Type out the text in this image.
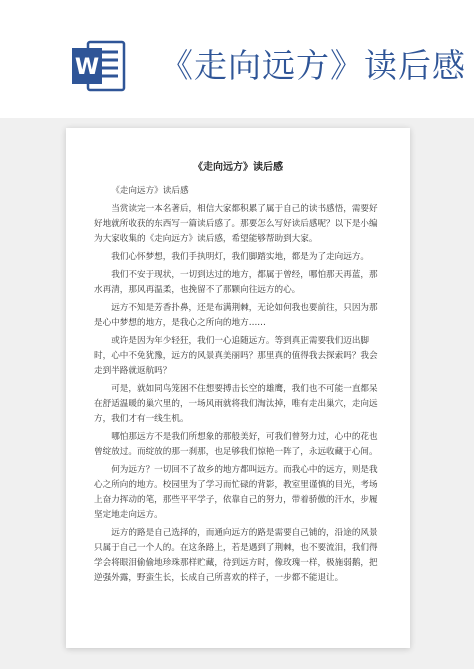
W 《走向远方》读后感
《走向远方》读后感

《走向远方》读后感

当赏读完一本名著后，相信大家都积累了属于自己的读书感悟，需要好好地就所收获的东西写一篇读后感了。那要怎么写好读后感呢？以下是小编为大家收集的《走向远方》读后感，希望能够帮助到大家。

我们心怀梦想，我们手执明灯，我们脚踏实地，都是为了走向远方。

我们不安于现状，一切到达过的地方，都属于曾经，哪怕那天再蓝，那水再清，那风再温柔，也挽留不了那颗向往远方的心。

远方不知是芳香扑鼻，还是布满荆棘，无论如何我也要前往，只因为那是心中梦想的地方，是我心之所向的地方……

或许是因为年少轻狂，我们一心追随远方。等到真正需要我们迈出脚时，心中不免犹豫，远方的风景真美丽吗？那里真的值得我去探索吗？我会走到半路就返航吗？

可是，就如同鸟笼困不住想要搏击长空的雄鹰，我们也不可能一直都呆在舒适温暖的巢穴里的，一场风雨就将我们淘汰掉，唯有走出巢穴，走向远方，我们才有一线生机。

哪怕那远方不是我们所想象的那般美好，可我们曾努力过，心中的花也曾绽放过。而绽放的那一刹那，也足够我们惊艳一阵了，永远收藏于心间。

何为远方？一切回不了故乡的地方都叫远方。而我心中的远方，则是我心之所向的地方。校园里为了学习而忙碌的背影，教室里谨慎的目光，考场上奋力挥动的笔，那些平平学子，依靠自己的努力，带着骄傲的汗水，步履坚定地走向远方。

远方的路是自己选择的，而通向远方的路是需要自己铺的，沿途的风景只属于自己一个人的。在这条路上，若是遇到了荆棘，也不要流泪，我们得学会将眼泪偷偷地珍珠那样贮藏，待到远方时，像玫瑰一样，极施弱鹅，把逆强外露，野蛮生长，长成自己所喜欢的样子，一步都不能退让。
